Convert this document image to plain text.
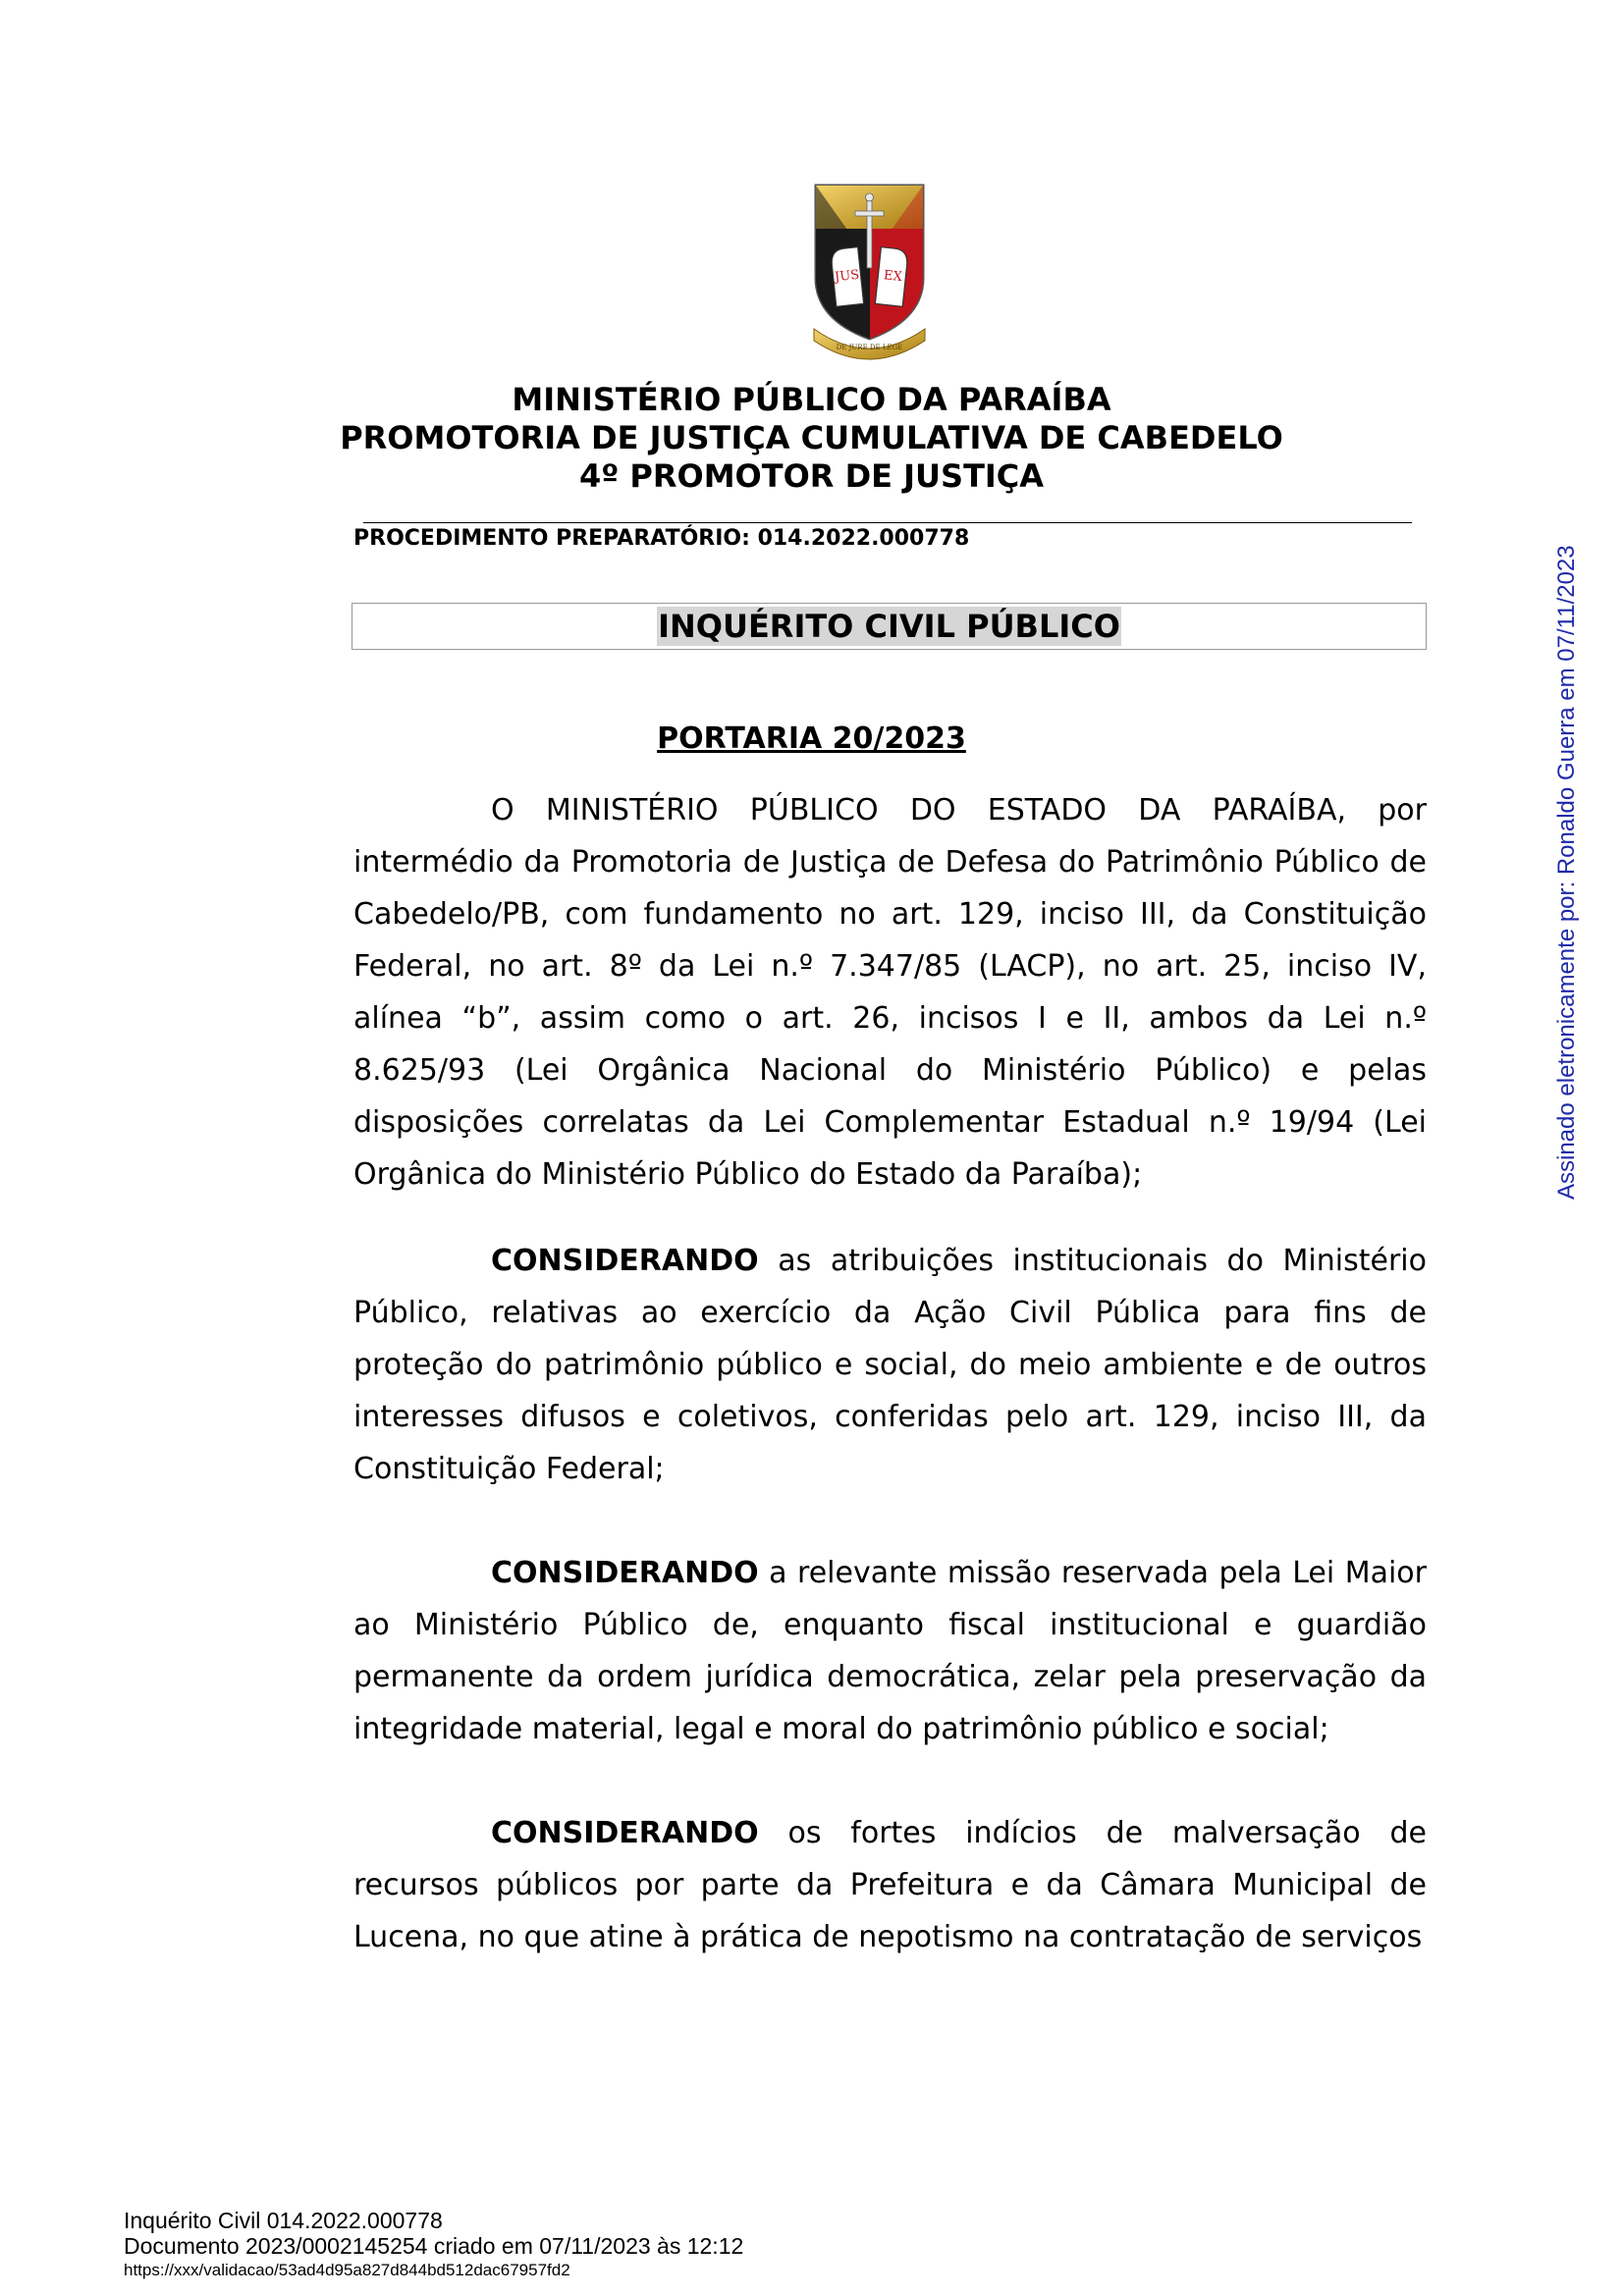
JUS EX
DE JURE DE LEGE
MINISTÉRIO PÚBLICO DA PARAÍBA
PROMOTORIA DE JUSTIÇA CUMULATIVA DE CABEDELO
4º PROMOTOR DE JUSTIÇA
PROCEDIMENTO PREPARATÓRIO: 014.2022.000778
INQUÉRITO CIVIL PÚBLICO
PORTARIA 20/2023

O MINISTÉRIO PÚBLICO DO ESTADO DA PARAÍBA, por intermédio da Promotoria de Justiça de Defesa do Patrimônio Público de Cabedelo/PB, com fundamento no art. 129, inciso III, da Constituição Federal, no art. 8º da Lei n.º 7.347/85 (LACP), no art. 25, inciso IV, alínea “b”, assim como o art. 26, incisos I e II, ambos da Lei n.º 8.625/93 (Lei Orgânica Nacional do Ministério Público) e pelas disposições correlatas da Lei Complementar Estadual n.º 19/94 (Lei Orgânica do Ministério Público do Estado da Paraíba);

CONSIDERANDO as atribuições institucionais do Ministério Público, relativas ao exercício da Ação Civil Pública para fins de proteção do patrimônio público e social, do meio ambiente e de outros interesses difusos e coletivos, conferidas pelo art. 129, inciso III, da Constituição Federal;

CONSIDERANDO a relevante missão reservada pela Lei Maior ao Ministério Público de, enquanto fiscal institucional e guardião permanente da ordem jurídica democrática, zelar pela preservação da integridade material, legal e moral do patrimônio público e social;

CONSIDERANDO os fortes indícios de malversação de recursos públicos por parte da Prefeitura e da Câmara Municipal de Lucena, no que atine à prática de nepotismo na contratação de serviços

Assinado eletronicamente por: Ronaldo Guerra em 07/11/2023
Inquérito Civil 014.2022.000778
Documento 2023/0002145254 criado em 07/11/2023 às 12:12
https://xxx/validacao/53ad4d95a827d844bd512dac67957fd2
